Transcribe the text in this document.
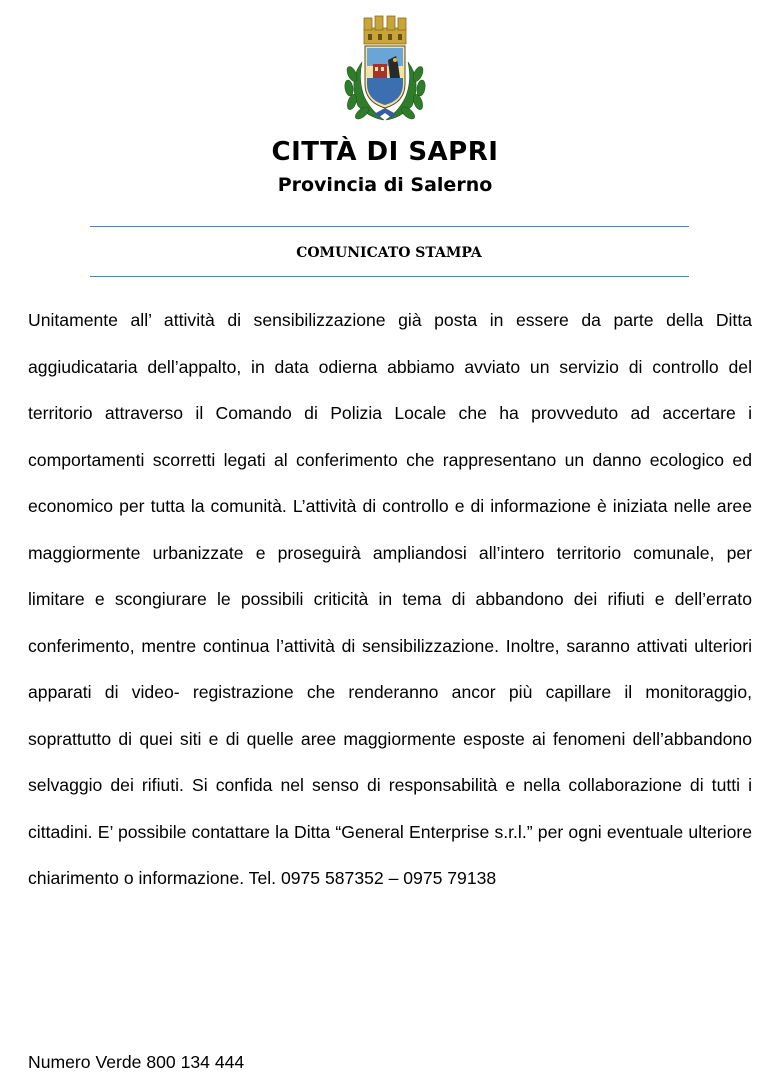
CITTÀ DI SAPRI
Provincia di Salerno
COMUNICATO STAMPA

Unitamente all’ attività di sensibilizzazione già posta in essere da parte della Ditta aggiudicataria dell’appalto, in data odierna abbiamo avviato un servizio di controllo del territorio attraverso il Comando di Polizia Locale che ha provveduto ad accertare i comportamenti scorretti legati al conferimento che rappresentano un danno ecologico ed economico per tutta la comunità. L’attività di controllo e di informazione è iniziata nelle aree maggiormente urbanizzate e proseguirà ampliandosi all’intero territorio comunale, per limitare e scongiurare le possibili criticità in tema di abbandono dei rifiuti e dell’errato conferimento, mentre continua l’attività di sensibilizzazione. Inoltre, saranno attivati ulteriori apparati di video- registrazione che renderanno ancor più capillare il monitoraggio, soprattutto di quei siti e di quelle aree maggiormente esposte ai fenomeni dell’abbandono selvaggio dei rifiuti. Si confida nel senso di responsabilità e nella collaborazione di tutti i cittadini. E’ possibile contattare la Ditta “General Enterprise s.r.l.” per ogni eventuale ulteriore chiarimento o informazione. Tel. 0975 587352 – 0975 79138

Numero Verde 800 134 444
